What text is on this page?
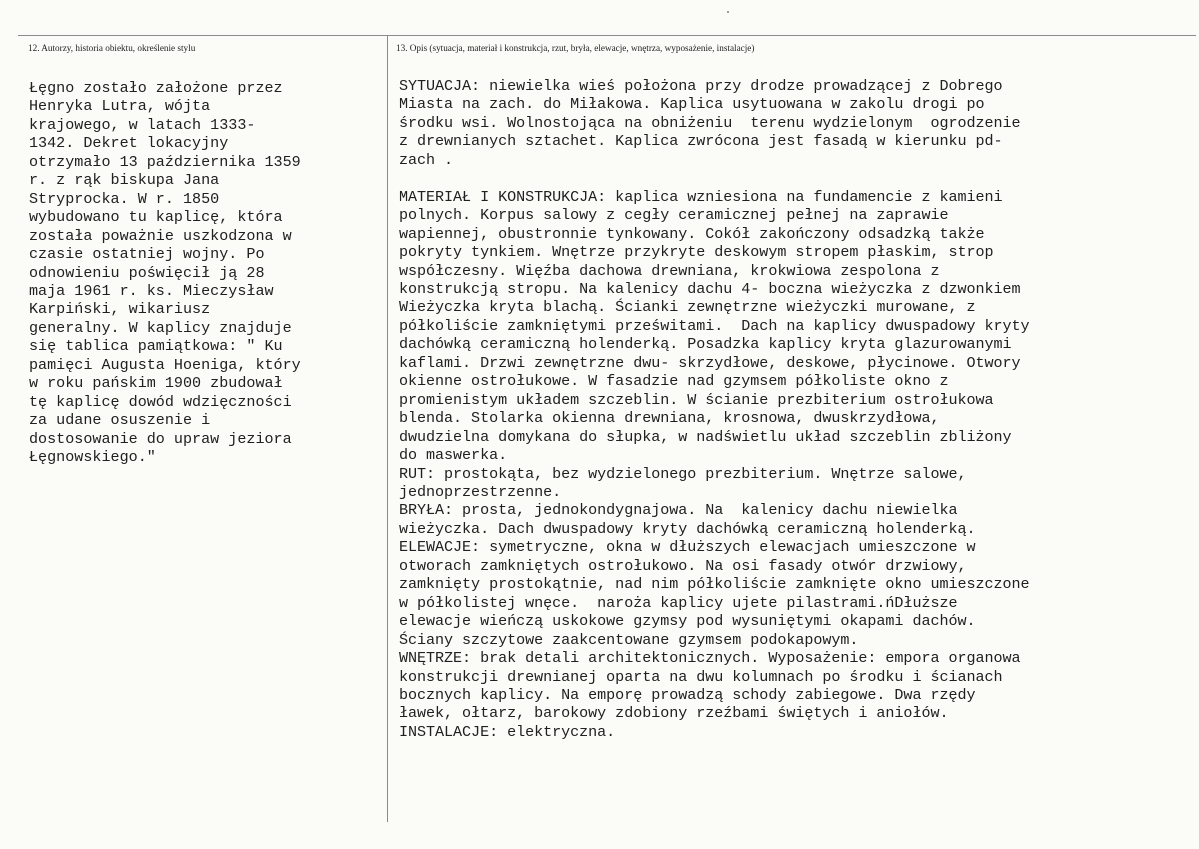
12. Autorzy, historia obiektu, określenie stylu	13. Opis (sytuacja, materiał i konstrukcja, rzut, bryła, elewacje, wnętrza, wyposażenie, instalacje)
Łęgno zostało założone przez
Henryka Lutra, wójta
krajowego, w latach 1333-
1342. Dekret lokacyjny
otrzymało 13 października 1359
r. z rąk biskupa Jana
Stryprocka. W r. 1850
wybudowano tu kaplicę, która
została poważnie uszkodzona w
czasie ostatniej wojny. Po
odnowieniu poświęcił ją 28
maja 1961 r. ks. Mieczysław
Karpiński, wikariusz
generalny. W kaplicy znajduje
się tablica pamiątkowa: " Ku
pamięci Augusta Hoeniga, który
w roku pańskim 1900 zbudował
tę kaplicę dowód wdzięczności
za udane osuszenie i
dostosowanie do upraw jeziora
Łęgnowskiego."
SYTUACJA: niewielka wieś położona przy drodze prowadzącej z Dobrego
Miasta na zach. do Miłakowa. Kaplica usytuowana w zakolu drogi po
środku wsi. Wolnostojąca na obniżeniu  terenu wydzielonym  ogrodzenie
z drewnianych sztachet. Kaplica zwrócona jest fasadą w kierunku pd-
zach .

MATERIAŁ I KONSTRUKCJA: kaplica wzniesiona na fundamencie z kamieni
polnych. Korpus salowy z cegły ceramicznej pełnej na zaprawie
wapiennej, obustronnie tynkowany. Cokół zakończony odsadzką także
pokryty tynkiem. Wnętrze przykryte deskowym stropem płaskim, strop
współczesny. Więźba dachowa drewniana, krokwiowa zespolona z
konstrukcją stropu. Na kalenicy dachu 4- boczna wieżyczka z dzwonkiem
Wieżyczka kryta blachą. Ścianki zewnętrzne wieżyczki murowane, z
półkoliście zamkniętymi prześwitami.  Dach na kaplicy dwuspadowy kryty
dachówką ceramiczną holenderką. Posadzka kaplicy kryta glazurowanymi
kaflami. Drzwi zewnętrzne dwu- skrzydłowe, deskowe, płycinowe. Otwory
okienne ostrołukowe. W fasadzie nad gzymsem półkoliste okno z
promienistym układem szczeblin. W ścianie prezbiterium ostrołukowa
blenda. Stolarka okienna drewniana, krosnowa, dwuskrzydłowa,
dwudzielna domykana do słupka, w nadświetlu układ szczeblin zbliżony
do maswerka.
RUT: prostokąta, bez wydzielonego prezbiterium. Wnętrze salowe,
jednoprzestrzenne.
BRYŁA: prosta, jednokondygnajowa. Na  kalenicy dachu niewielka
wieżyczka. Dach dwuspadowy kryty dachówką ceramiczną holenderką.
ELEWACJE: symetryczne, okna w dłuższych elewacjach umieszczone w
otworach zamkniętych ostrołukowo. Na osi fasady otwór drzwiowy,
zamknięty prostokątnie, nad nim półkoliście zamknięte okno umieszczone
w półkolistej wnęce.  naroża kaplicy ujete pilastrami.ńDłuższe
elewacje wieńczą uskokowe gzymsy pod wysuniętymi okapami dachów.
Ściany szczytowe zaakcentowane gzymsem podokapowym.
WNĘTRZE: brak detali architektonicznych. Wyposażenie: empora organowa
konstrukcji drewnianej oparta na dwu kolumnach po środku i ścianach
bocznych kaplicy. Na emporę prowadzą schody zabiegowe. Dwa rzędy
ławek, ołtarz, barokowy zdobiony rzeźbami świętych i aniołów.
INSTALACJE: elektryczna.
